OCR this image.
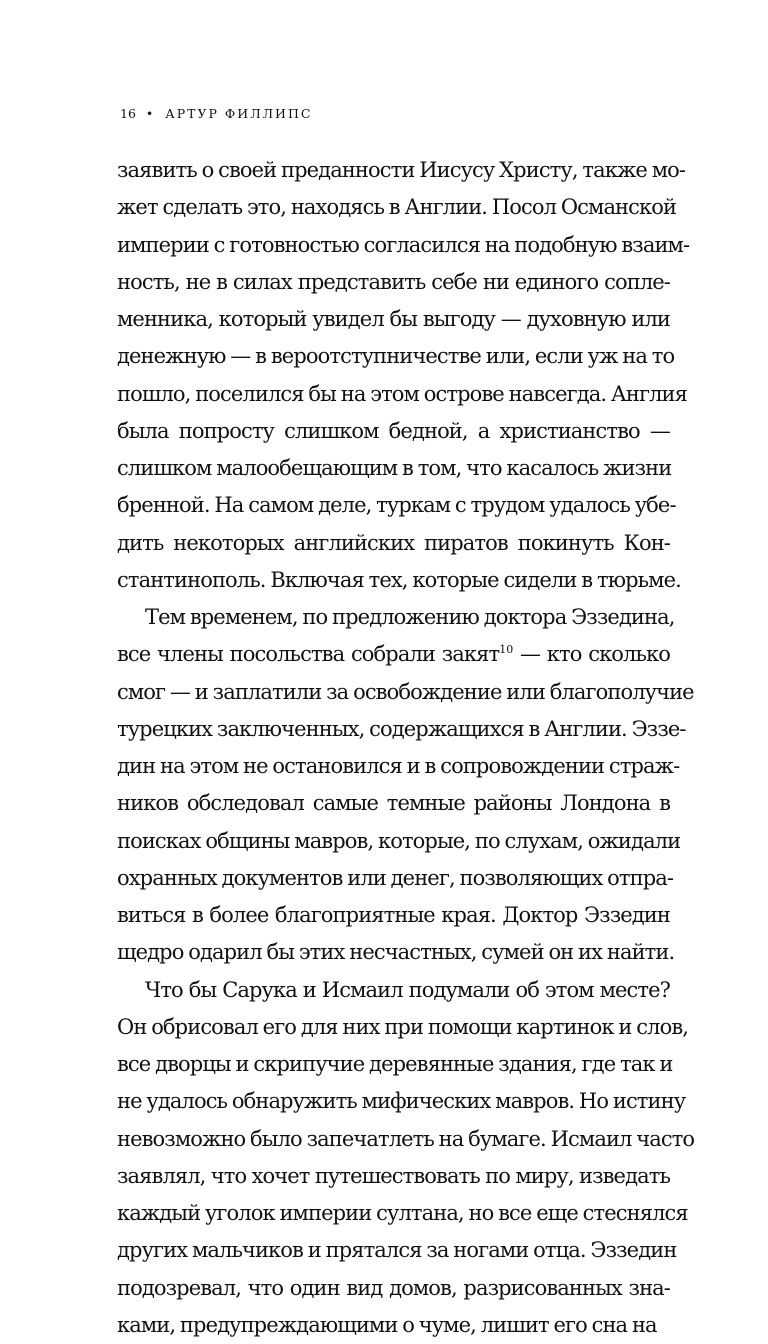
16 • АРТУР ФИЛЛИПС
заявить о своей преданности Иисусу Христу, также мо-
жет сделать это, находясь в Англии. Посол Османской
империи с готовностью согласился на подобную взаим-
ность, не в силах представить себе ни единого сопле-
менника, который увидел бы выгоду — духовную или
денежную — в вероотступничестве или, если уж на то
пошло, поселился бы на этом острове навсегда. Англия
была попросту слишком бедной, а христианство —
слишком малообещающим в том, что касалось жизни
бренной. На самом деле, туркам с трудом удалось убе-
дить некоторых английских пиратов покинуть Кон-
стантинополь. Включая тех, которые сидели в тюрьме.
Тем временем, по предложению доктора Эззедина,
все члены посольства собрали закят$^{10}$ — кто сколько
смог — и заплатили за освобождение или благополучие
турецких заключенных, содержащихся в Англии. Эззе-
дин на этом не остановился и в сопровождении страж-
ников обследовал самые темные районы Лондона в
поисках общины мавров, которые, по слухам, ожидали
охранных документов или денег, позволяющих отпра-
виться в более благоприятные края. Доктор Эззедин
щедро одарил бы этих несчастных, сумей он их найти.
Что бы Сарука и Исмаил подумали об этом месте?
Он обрисовал его для них при помощи картинок и слов,
все дворцы и скрипучие деревянные здания, где так и
не удалось обнаружить мифических мавров. Но истину
невозможно было запечатлеть на бумаге. Исмаил часто
заявлял, что хочет путешествовать по миру, изведать
каждый уголок империи султана, но все еще стеснялся
других мальчиков и прятался за ногами отца. Эззедин
подозревал, что один вид домов, разрисованных зна-
ками, предупреждающими о чуме, лишит его сна на
